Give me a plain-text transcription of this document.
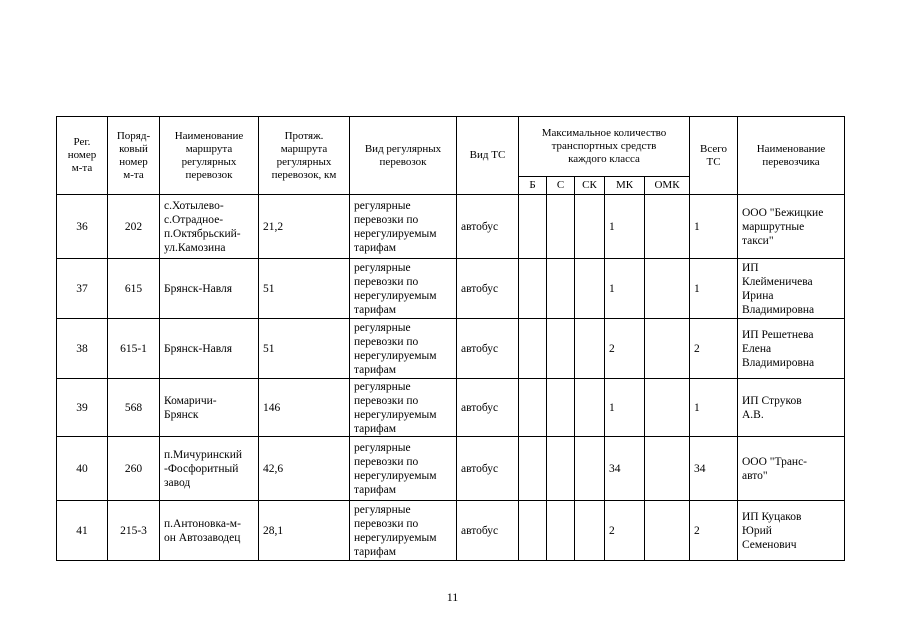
Рег.
номер
м-та	Поряд-
ковый
номер
м-та	Наименование
маршрута
регулярных
перевозок	Протяж.
маршрута
регулярных
перевозок, км	Вид регулярных
перевозок	Вид ТС	Максимальное количество
транспортных средств
каждого класса					Всего
ТС	Наименование
перевозчика

						Б	С	СК	МК	ОМК		

36	202	с.Хотылево-
с.Отрадное-
п.Октябрьский-
ул.Камозина	21,2	регулярные
перевозки по
нерегулируемым
тарифам	автобус				1		1	ООО "Бежицкие
маршрутные
такси"

37	615	Брянск-Навля	51	регулярные
перевозки по
нерегулируемым
тарифам	автобус				1		1	ИП
Клейменичева
Ирина
Владимировна

38	615-1	Брянск-Навля	51	регулярные
перевозки по
нерегулируемым
тарифам	автобус				2		2	ИП Решетнева
Елена
Владимировна

39	568	Комаричи-
Брянск	146	регулярные
перевозки по
нерегулируемым
тарифам	автобус				1		1	ИП Струков
А.В.

40	260	п.Мичуринский
-Фосфоритный
завод	42,6	регулярные
перевозки по
нерегулируемым
тарифам	автобус				34		34	ООО "Транс-
авто"

41	215-3	п.Антоновка-м-
он Автозаводец	28,1	регулярные
перевозки по
нерегулируемым
тарифам	автобус				2		2	ИП Куцаков
Юрий
Семенович
11
